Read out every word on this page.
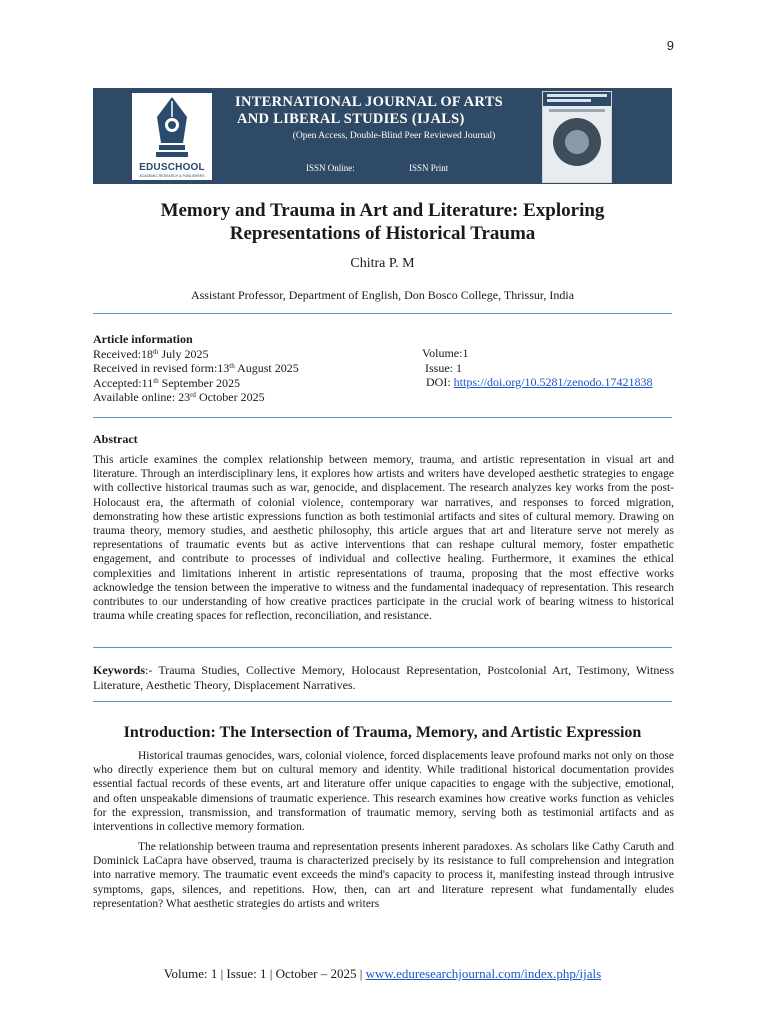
9
EDUSCHOOL
ACADEMIC RESEARCH & PUBLISHERS
INTERNATIONAL JOURNAL OF ARTS
AND LIBERAL STUDIES (IJALS)
(Open Access, Double-Blind Peer Reviewed Journal)
ISSN Online:	ISSN Print
Memory and Trauma in Art and Literature: Exploring
Representations of Historical Trauma
Chitra P. M
Assistant Professor, Department of English, Don Bosco College, Thrissur, India
Article information
Received:18th July 2025
Received in revised form:13th August 2025
Accepted:11th September 2025
Available online: 23rd October 2025
Volume:1
Issue: 1
DOI: https://doi.org/10.5281/zenodo.17421838
Abstract
This article examines the complex relationship between memory, trauma, and artistic representation in visual art and literature. Through an interdisciplinary lens, it explores how artists and writers have developed aesthetic strategies to engage with collective historical traumas such as war, genocide, and displacement. The research analyzes key works from the post-Holocaust era, the aftermath of colonial violence, contemporary war narratives, and responses to forced migration, demonstrating how these artistic expressions function as both testimonial artifacts and sites of cultural memory. Drawing on trauma theory, memory studies, and aesthetic philosophy, this article argues that art and literature serve not merely as representations of traumatic events but as active interventions that can reshape cultural memory, foster empathetic engagement, and contribute to processes of individual and collective healing. Furthermore, it examines the ethical complexities and limitations inherent in artistic representations of trauma, proposing that the most effective works acknowledge the tension between the imperative to witness and the fundamental inadequacy of representation. This research contributes to our understanding of how creative practices participate in the crucial work of bearing witness to historical trauma while creating spaces for reflection, reconciliation, and resistance.
Keywords:- Trauma Studies, Collective Memory, Holocaust Representation, Postcolonial Art, Testimony, Witness Literature, Aesthetic Theory, Displacement Narratives.
Introduction: The Intersection of Trauma, Memory, and Artistic Expression
Historical traumas genocides, wars, colonial violence, forced displacements leave profound marks not only on those who directly experience them but on cultural memory and identity. While traditional historical documentation provides essential factual records of these events, art and literature offer unique capacities to engage with the subjective, emotional, and often unspeakable dimensions of traumatic experience. This research examines how creative works function as vehicles for the expression, transmission, and transformation of traumatic memory, serving both as testimonial artifacts and as interventions in collective memory formation.
The relationship between trauma and representation presents inherent paradoxes. As scholars like Cathy Caruth and Dominick LaCapra have observed, trauma is characterized precisely by its resistance to full comprehension and integration into narrative memory. The traumatic event exceeds the mind's capacity to process it, manifesting instead through intrusive symptoms, gaps, silences, and repetitions. How, then, can art and literature represent what fundamentally eludes representation? What aesthetic strategies do artists and writers
Volume: 1 | Issue: 1 | October – 2025 | www.eduresearchjournal.com/index.php/ijals
